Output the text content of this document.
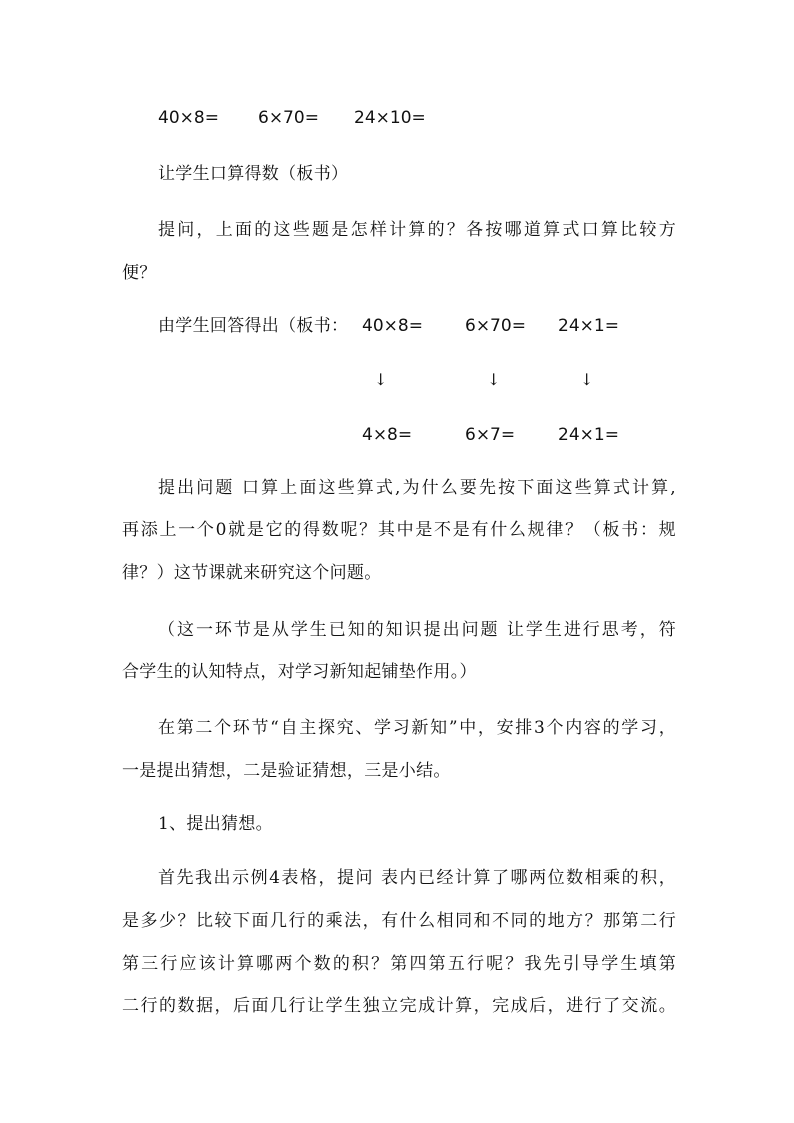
40×8= 6×70= 24×10=
让学生口算得数（板书）
提问，上面的这些题是怎样计算的？各按哪道算式口算比较方
便？
由学生回答得出（板书： 40×8= 6×70= 24×1=
↓	↓	↓
4×8=	6×7=	24×1=
提出问题 口算上面这些算式,为什么要先按下面这些算式计算,
再添上一个0就是它的得数呢？其中是不是有什么规律？（板书：规
律？）这节课就来研究这个问题。
（这一环节是从学生已知的知识提出问题 让学生进行思考，符
合学生的认知特点，对学习新知起铺垫作用。）
在第二个环节“自主探究、学习新知”中，安排3个内容的学习，
一是提出猜想，二是验证猜想，三是小结。
1、提出猜想。
首先我出示例4表格，提问 表内已经计算了哪两位数相乘的积，
是多少？比较下面几行的乘法，有什么相同和不同的地方？那第二行
第三行应该计算哪两个数的积？第四第五行呢？我先引导学生填第
二行的数据，后面几行让学生独立完成计算，完成后，进行了交流。
